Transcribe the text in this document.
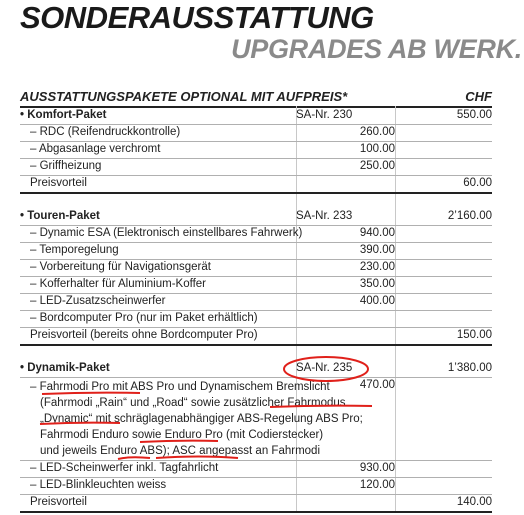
SONDERAUSSTATTUNG
UPGRADES AB WERK.
AUSSTATTUNGSPAKETE OPTIONAL MIT AUFPREIS*	CHF
• Komfort-Paket	SA-Nr. 230	550.00
– RDC (Reifendruckkontrolle)	260.00
– Abgasanlage verchromt	100.00
– Griffheizung	250.00
Preisvorteil	60.00
• Touren-Paket	SA-Nr. 233	2’160.00
– Dynamic ESA (Elektronisch einstellbares Fahrwerk)	940.00
– Temporegelung	390.00
– Vorbereitung für Navigationsgerät	230.00
– Kofferhalter für Aluminium-Koffer	350.00
– LED-Zusatzscheinwerfer	400.00
– Bordcomputer Pro (nur im Paket erhältlich)
Preisvorteil (bereits ohne Bordcomputer Pro)	150.00
• Dynamik-Paket	SA-Nr. 235	1’380.00
– Fahrmodi Pro mit ABS Pro und Dynamischem Bremslicht
(Fahrmodi „Rain“ und „Road“ sowie zusätzlicher Fahrmodus
„Dynamic“ mit schräglagenabhängiger ABS-Regelung ABS Pro;
Fahrmodi Enduro sowie Enduro Pro (mit Codierstecker)
und jeweils Enduro ABS); ASC angepasst an Fahrmodi
470.00
– LED-Scheinwerfer inkl. Tagfahrlicht	930.00
– LED-Blinkleuchten weiss	120.00
Preisvorteil	140.00
